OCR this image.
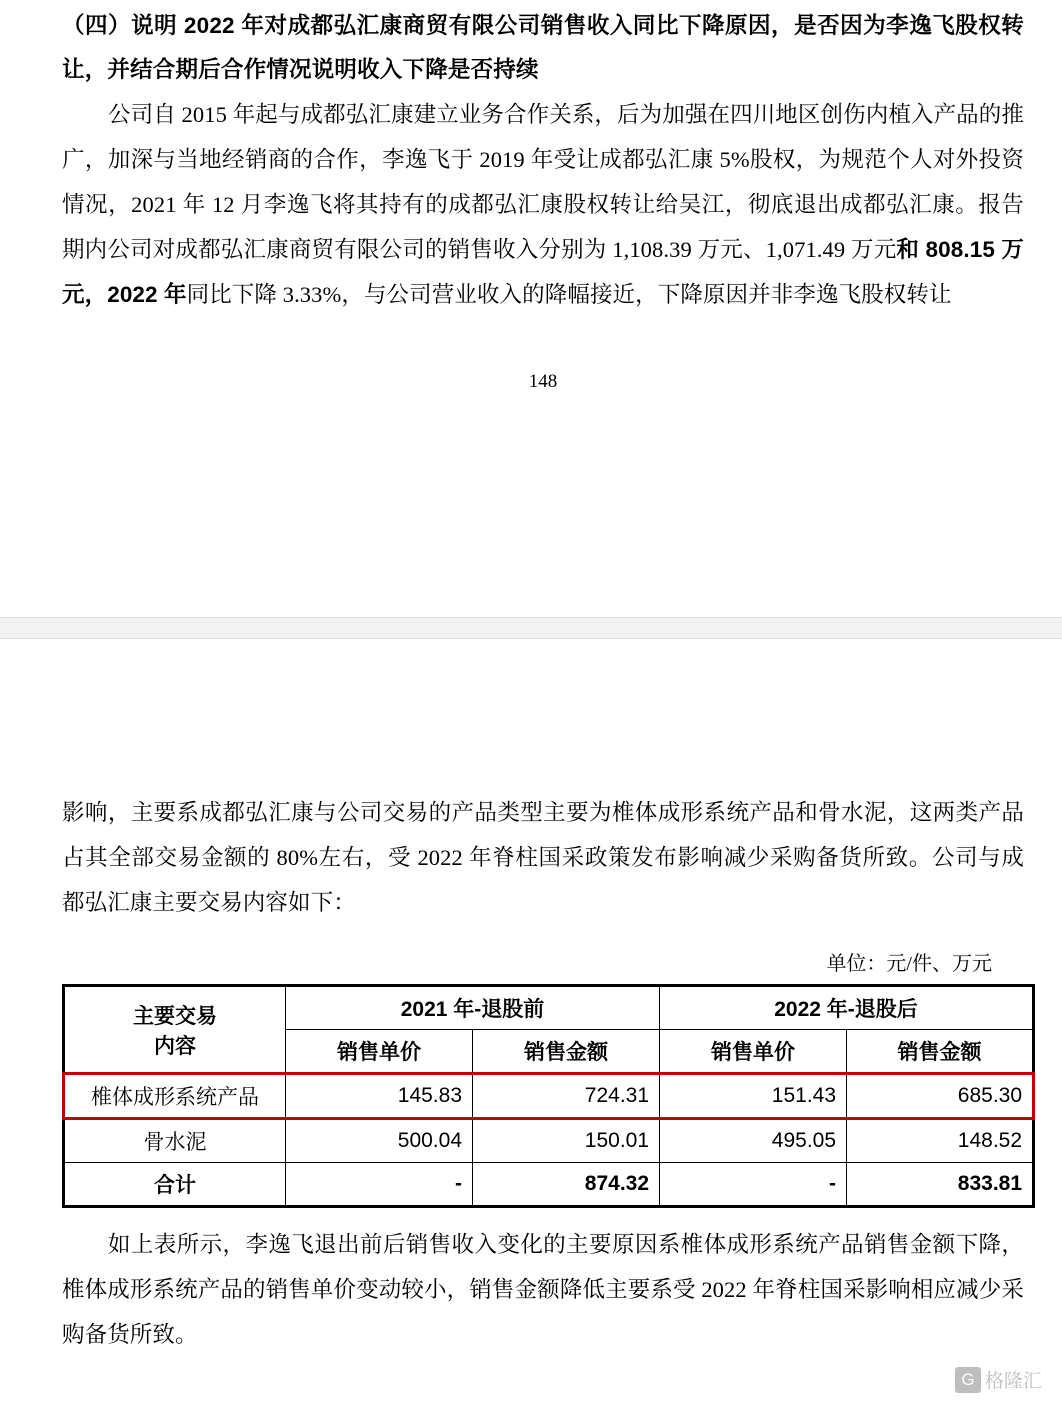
（四）说明 2022 年对成都弘汇康商贸有限公司销售收入同比下降原因，是否因为李逸飞股权转让，并结合期后合作情况说明收入下降是否持续

公司自 2015 年起与成都弘汇康建立业务合作关系，后为加强在四川地区创伤内植入产品的推广，加深与当地经销商的合作，李逸飞于 2019 年受让成都弘汇康 5%股权，为规范个人对外投资情况，2021 年 12 月李逸飞将其持有的成都弘汇康股权转让给吴江，彻底退出成都弘汇康。报告期内公司对成都弘汇康商贸有限公司的销售收入分别为 1,108.39 万元、1,071.49 万元和 808.15 万元，2022 年同比下降 3.33%，与公司营业收入的降幅接近，下降原因并非李逸飞股权转让

148

影响，主要系成都弘汇康与公司交易的产品类型主要为椎体成形系统产品和骨水泥，这两类产品占其全部交易金额的 80%左右，受 2022 年脊柱国采政策发布影响减少采购备货所致。公司与成都弘汇康主要交易内容如下：

单位：元/件、万元
主要交易
内容	2021 年-退股前		2022 年-退股后	
	销售单价	销售金额	销售单价	销售金额
椎体成形系统产品	145.83	724.31	151.43	685.30
骨水泥	500.04	150.01	495.05	148.52
合计	-	874.32	-	833.81

如上表所示，李逸飞退出前后销售收入变化的主要原因系椎体成形系统产品销售金额下降，椎体成形系统产品的销售单价变动较小，销售金额降低主要系受 2022 年脊柱国采影响相应减少采购备货所致。

G 格隆汇
